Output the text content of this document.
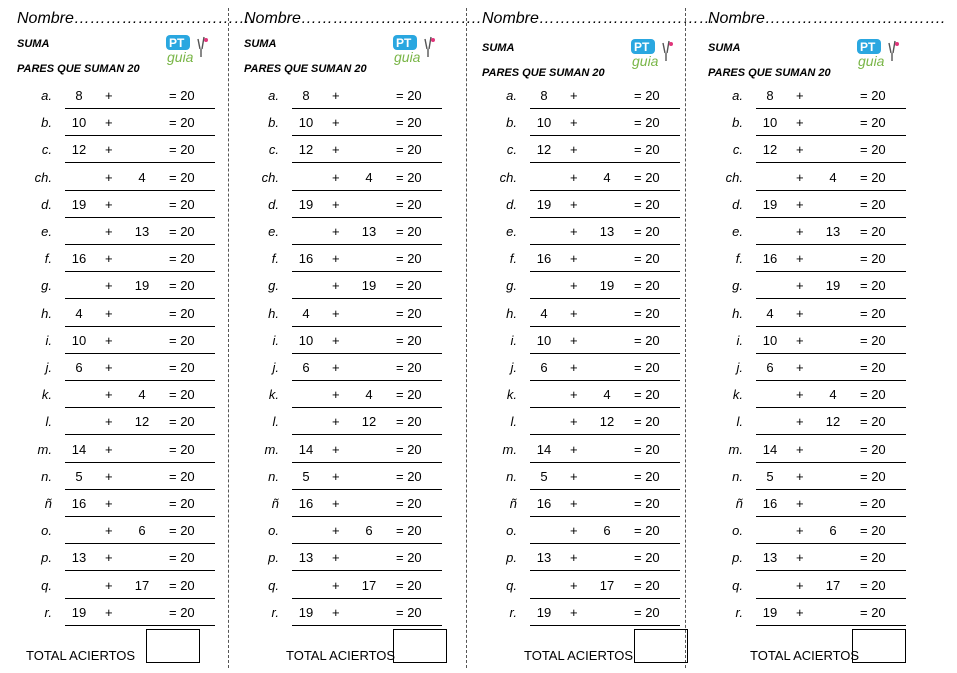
Nombre…………………………….
SUMA
PARES QUE SUMAN 20
PT
guia
a.	8	+	= 20
b. 10 +	= 20
c. 12 +	= 20
ch.	+	4	= 20
d. 19 +	= 20
e.	+ 13 = 20
f. 16 +	= 20
g.	+ 19 = 20
h.	4	+	= 20
i. 10 +	= 20
j.	6	+	= 20
k.	+	4	= 20
l.	+ 12 = 20
m. 14 +	= 20
n.	5	+	= 20
ñ 16 +	= 20
o.	+	6	= 20
p. 13 +	= 20
q.	+ 17 = 20
r. 19 +	= 20
TOTAL ACIERTOS
Nombre…………………………….
SUMA
PARES QUE SUMAN 20
PT
guia
a.	8	+	= 20
b. 10 +	= 20
c. 12 +	= 20
ch.	+	4	= 20
d. 19 +	= 20
e.	+ 13 = 20
f. 16 +	= 20
g.	+ 19 = 20
h.	4	+	= 20
i. 10 +	= 20
j.	6	+	= 20
k.	+	4	= 20
l.	+ 12 = 20
m. 14 +	= 20
n.	5	+	= 20
ñ 16 +	= 20
o.	+	6	= 20
p. 13 +	= 20
q.	+ 17 = 20
r. 19 +	= 20
TOTAL ACIERTOS
Nombre…………………………….
SUMA
PARES QUE SUMAN 20
PT
guia
a.	8	+	= 20
b. 10 +	= 20
c. 12 +	= 20
ch.	+	4	= 20
d. 19 +	= 20
e.	+ 13 = 20
f. 16 +	= 20
g.	+ 19 = 20
h.	4	+	= 20
i. 10 +	= 20
j.	6	+	= 20
k.	+	4	= 20
l.	+ 12 = 20
m. 14 +	= 20
n.	5	+	= 20
ñ 16 +	= 20
o.	+	6	= 20
p. 13 +	= 20
q.	+ 17 = 20
r. 19 +	= 20
TOTAL ACIERTOS
Nombre…………………………….
SUMA
PARES QUE SUMAN 20
PT
guia
a.	8	+	= 20
b. 10 +	= 20
c. 12 +	= 20
ch.	+	4	= 20
d. 19 +	= 20
e.	+ 13 = 20
f. 16 +	= 20
g.	+ 19 = 20
h.	4	+	= 20
i. 10 +	= 20
j.	6	+	= 20
k.	+	4	= 20
l.	+ 12 = 20
m. 14 +	= 20
n.	5	+	= 20
ñ 16 +	= 20
o.	+	6	= 20
p. 13 +	= 20
q.	+ 17 = 20
r. 19 +	= 20
TOTAL ACIERTOS
